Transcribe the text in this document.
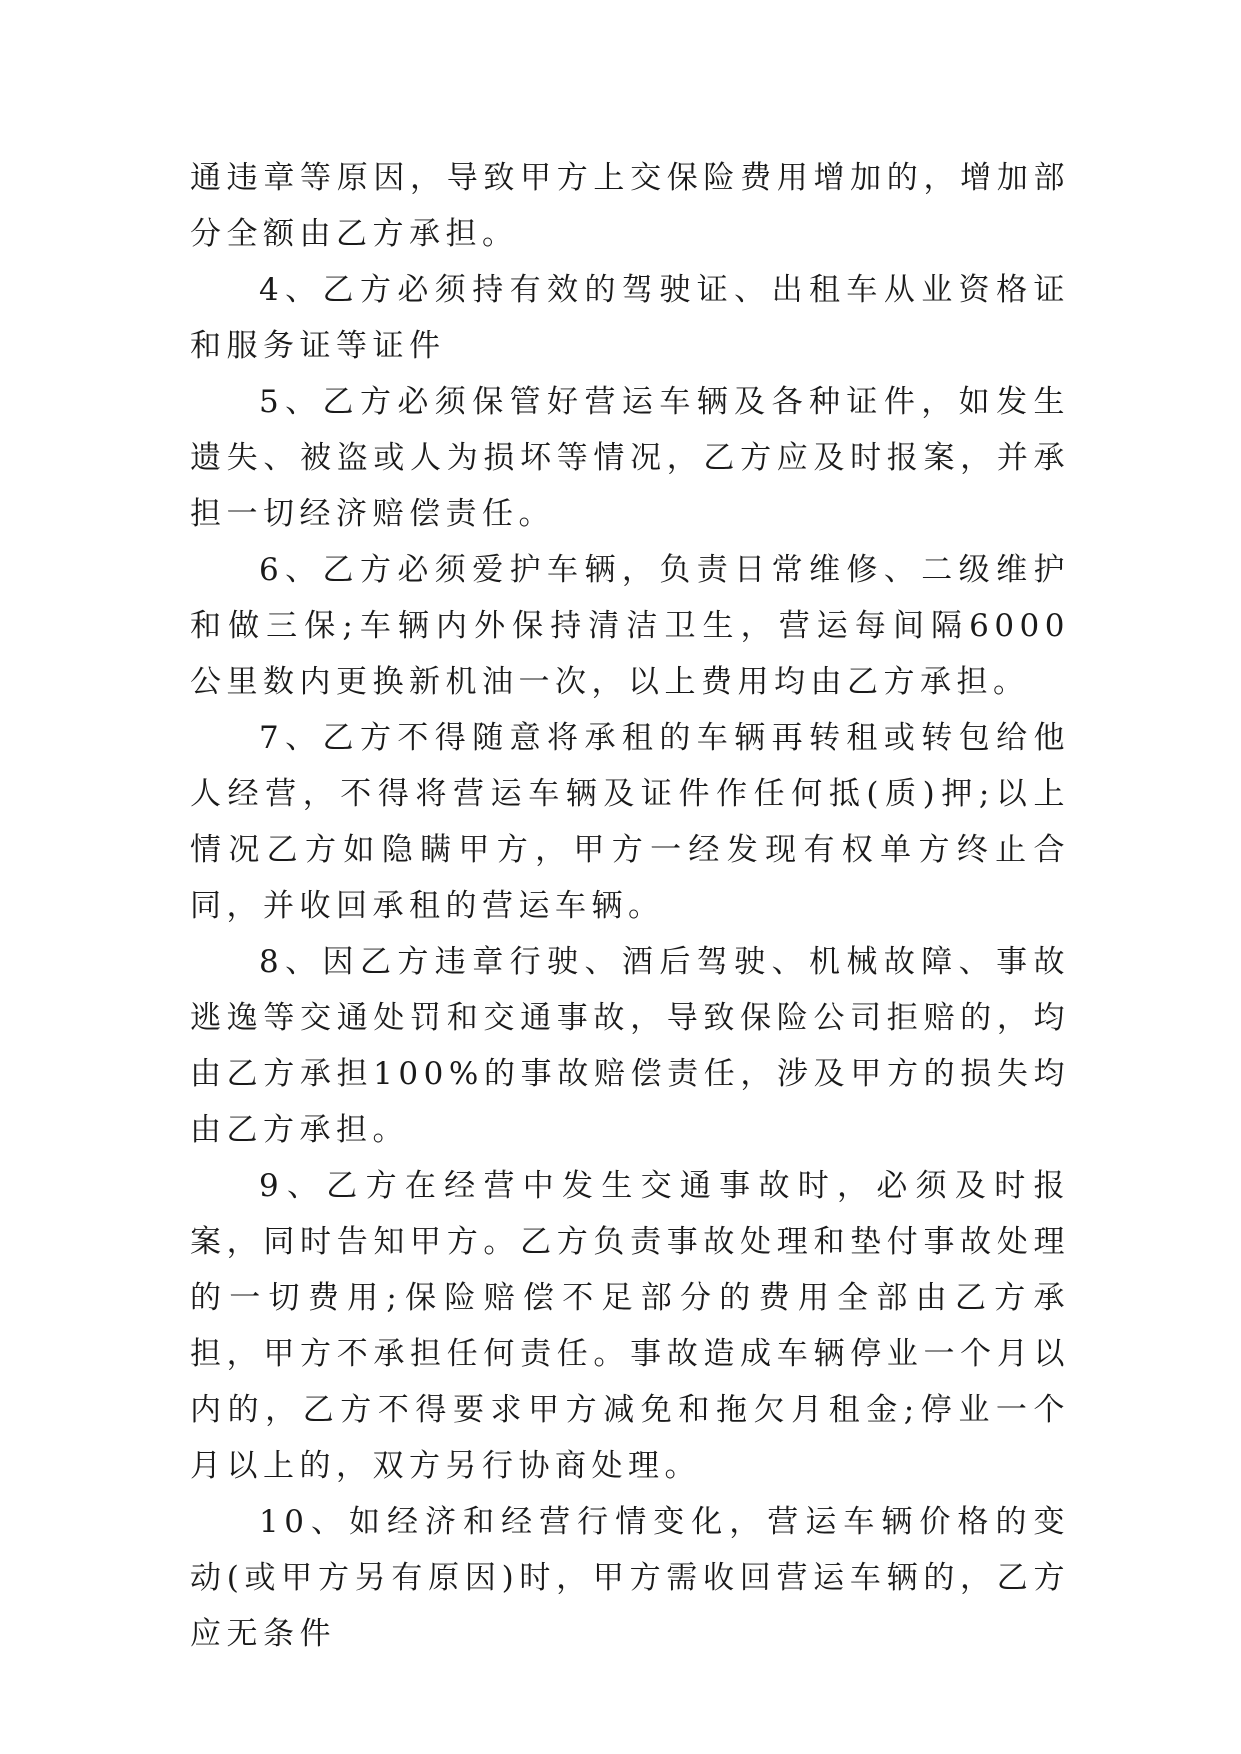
通违章等原因，导致甲方上交保险费用增加的，增加部分全额由乙方承担。

4、乙方必须持有效的驾驶证、出租车从业资格证和服务证等证件

5、乙方必须保管好营运车辆及各种证件，如发生遗失、被盗或人为损坏等情况，乙方应及时报案，并承担一切经济赔偿责任。

6、乙方必须爱护车辆，负责日常维修、二级维护和做三保;车辆内外保持清洁卫生，营运每间隔6000公里数内更换新机油一次，以上费用均由乙方承担。

7、乙方不得随意将承租的车辆再转租或转包给他人经营，不得将营运车辆及证件作任何抵(质)押;以上情况乙方如隐瞒甲方，甲方一经发现有权单方终止合同，并收回承租的营运车辆。

8、因乙方违章行驶、酒后驾驶、机械故障、事故逃逸等交通处罚和交通事故，导致保险公司拒赔的，均由乙方承担100%的事故赔偿责任，涉及甲方的损失均由乙方承担。

9、乙方在经营中发生交通事故时，必须及时报案，同时告知甲方。乙方负责事故处理和垫付事故处理的一切费用;保险赔偿不足部分的费用全部由乙方承担，甲方不承担任何责任。事故造成车辆停业一个月以内的，乙方不得要求甲方减免和拖欠月租金;停业一个月以上的，双方另行协商处理。

10、如经济和经营行情变化，营运车辆价格的变动(或甲方另有原因)时，甲方需收回营运车辆的，乙方应无条件
